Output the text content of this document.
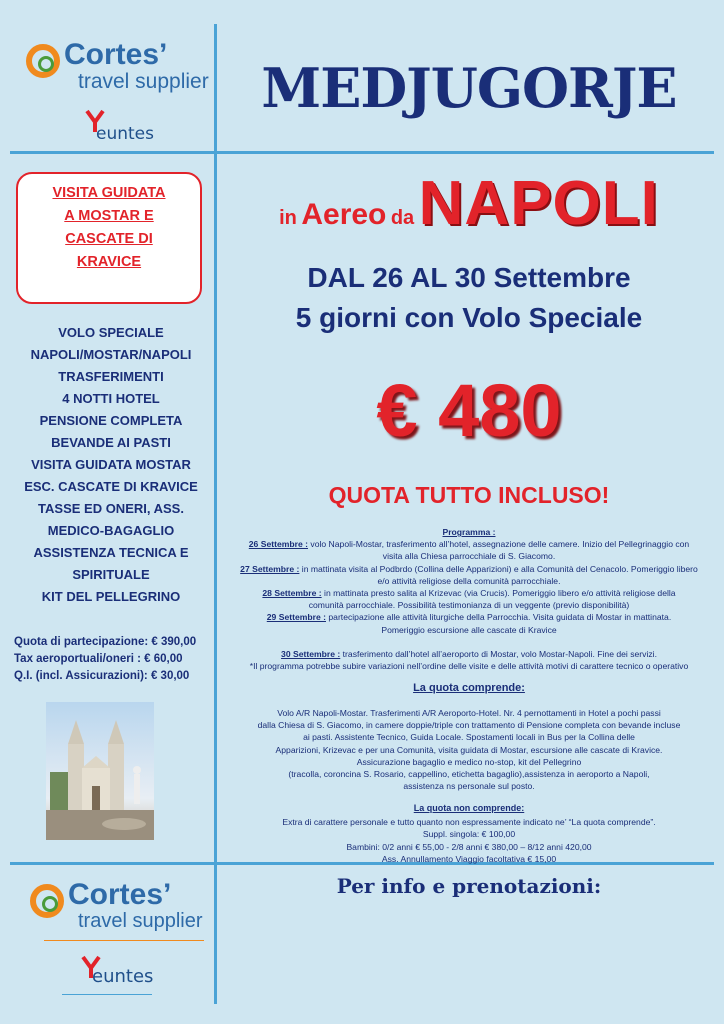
Cortes’
travel supplier
euntes
MEDJUGORJE
VISITA GUIDATA
A MOSTAR E
CASCATE DI
KRAVICE
VOLO SPECIALE
NAPOLI/MOSTAR/NAPOLI
TRASFERIMENTI
4 NOTTI HOTEL
PENSIONE COMPLETA
BEVANDE AI PASTI
VISITA GUIDATA MOSTAR
ESC. CASCATE DI KRAVICE
TASSE ED ONERI, ASS.
MEDICO-BAGAGLIO
ASSISTENZA TECNICA E
SPIRITUALE
KIT DEL PELLEGRINO
Quota di partecipazione: € 390,00
Tax aeroportuali/oneri : € 60,00
Q.I. (incl. Assicurazioni): € 30,00
in Aereo da NAPOLI
DAL 26 AL 30 Settembre
5 giorni con Volo Speciale
€ 480
QUOTA TUTTO INCLUSO!
Programma :
26 Settembre : volo Napoli-Mostar, trasferimento all’hotel, assegnazione delle camere. Inizio del Pellegrinaggio con
visita alla Chiesa parrocchiale di S. Giacomo.
27 Settembre : in mattinata visita al Podbrdo (Collina delle Apparizioni) e alla Comunità del Cenacolo. Pomeriggio libero
e/o attività religiose della comunità parrocchiale.
28 Settembre : in mattinata presto salita al Krizevac (via Crucis). Pomeriggio libero e/o attività religiose della
comunità parrocchiale. Possibilità testimonianza di un veggente (previo disponibilità)
29 Settembre : partecipazione alle attività liturgiche della Parrocchia. Visita guidata di Mostar in mattinata.
Pomeriggio escursione alle cascate di Kravice
30 Settembre : trasferimento dall’hotel all’aeroporto di Mostar, volo Mostar-Napoli. Fine dei servizi.
*Il programma potrebbe subire variazioni nell’ordine delle visite e delle attività motivi di carattere tecnico o operativo
La quota comprende:
Volo A/R Napoli-Mostar. Trasferimenti A/R Aeroporto-Hotel. Nr. 4 pernottamenti in Hotel a pochi passi
dalla Chiesa di S. Giacomo, in camere doppie/triple con trattamento di Pensione completa con bevande incluse
ai pasti. Assistente Tecnico, Guida Locale. Spostamenti locali in Bus per la Collina delle
Apparizioni, Krizevac e per una Comunità, visita guidata di Mostar, escursione alle cascate di Kravice.
Assicurazione bagaglio e medico no-stop, kit del Pellegrino
(tracolla, coroncina S. Rosario, cappellino, etichetta bagaglio),assistenza in aeroporto a Napoli,
assistenza ns personale sul posto.
La quota non comprende:
Extra di carattere personale e tutto quanto non espressamente indicato ne’ “La quota comprende”.
Suppl. singola: € 100,00
Bambini: 0/2 anni € 55,00 - 2/8 anni € 380,00 – 8/12 anni 420,00
Ass. Annullamento Viaggio facoltativa € 15,00
Cortes’
travel supplier
euntes
Per info e prenotazioni:
